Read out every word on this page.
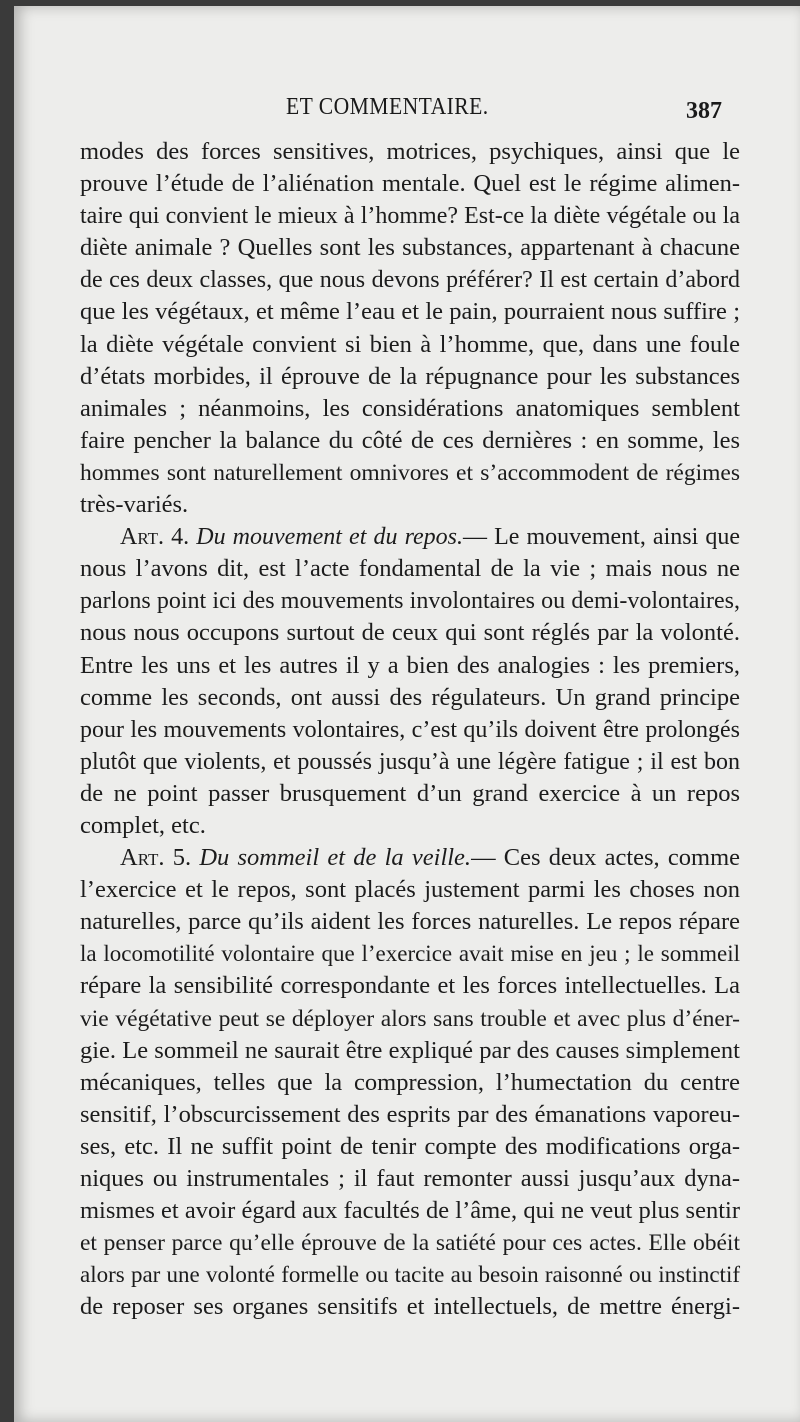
ET COMMENTAIRE.	387
modes des forces sensitives, motrices, psychiques, ainsi que le
prouve l’étude de l’aliénation mentale. Quel est le régime alimen-
taire qui convient le mieux à l’homme? Est-ce la diète végétale ou la
diète animale ? Quelles sont les substances, appartenant à chacune
de ces deux classes, que nous devons préférer? Il est certain d’abord
que les végétaux, et même l’eau et le pain, pourraient nous suffire ;
la diète végétale convient si bien à l’homme, que, dans une foule
d’états morbides, il éprouve de la répugnance pour les substances
animales ; néanmoins, les considérations anatomiques semblent
faire pencher la balance du côté de ces dernières : en somme, les
hommes sont naturellement omnivores et s’accommodent de régimes
très-variés.
Art. 4. Du mouvement et du repos.— Le mouvement, ainsi que
nous l’avons dit, est l’acte fondamental de la vie ; mais nous ne
parlons point ici des mouvements involontaires ou demi-volontaires,
nous nous occupons surtout de ceux qui sont réglés par la volonté.
Entre les uns et les autres il y a bien des analogies : les premiers,
comme les seconds, ont aussi des régulateurs. Un grand principe
pour les mouvements volontaires, c’est qu’ils doivent être prolongés
plutôt que violents, et poussés jusqu’à une légère fatigue ; il est bon
de ne point passer brusquement d’un grand exercice à un repos
complet, etc.
Art. 5. Du sommeil et de la veille.— Ces deux actes, comme
l’exercice et le repos, sont placés justement parmi les choses non
naturelles, parce qu’ils aident les forces naturelles. Le repos répare
la locomotilité volontaire que l’exercice avait mise en jeu ; le sommeil
répare la sensibilité correspondante et les forces intellectuelles. La
vie végétative peut se déployer alors sans trouble et avec plus d’éner-
gie. Le sommeil ne saurait être expliqué par des causes simplement
mécaniques, telles que la compression, l’humectation du centre
sensitif, l’obscurcissement des esprits par des émanations vaporeu-
ses, etc. Il ne suffit point de tenir compte des modifications orga-
niques ou instrumentales ; il faut remonter aussi jusqu’aux dyna-
mismes et avoir égard aux facultés de l’âme, qui ne veut plus sentir
et penser parce qu’elle éprouve de la satiété pour ces actes. Elle obéit
alors par une volonté formelle ou tacite au besoin raisonné ou instinctif
de reposer ses organes sensitifs et intellectuels, de mettre énergi-
